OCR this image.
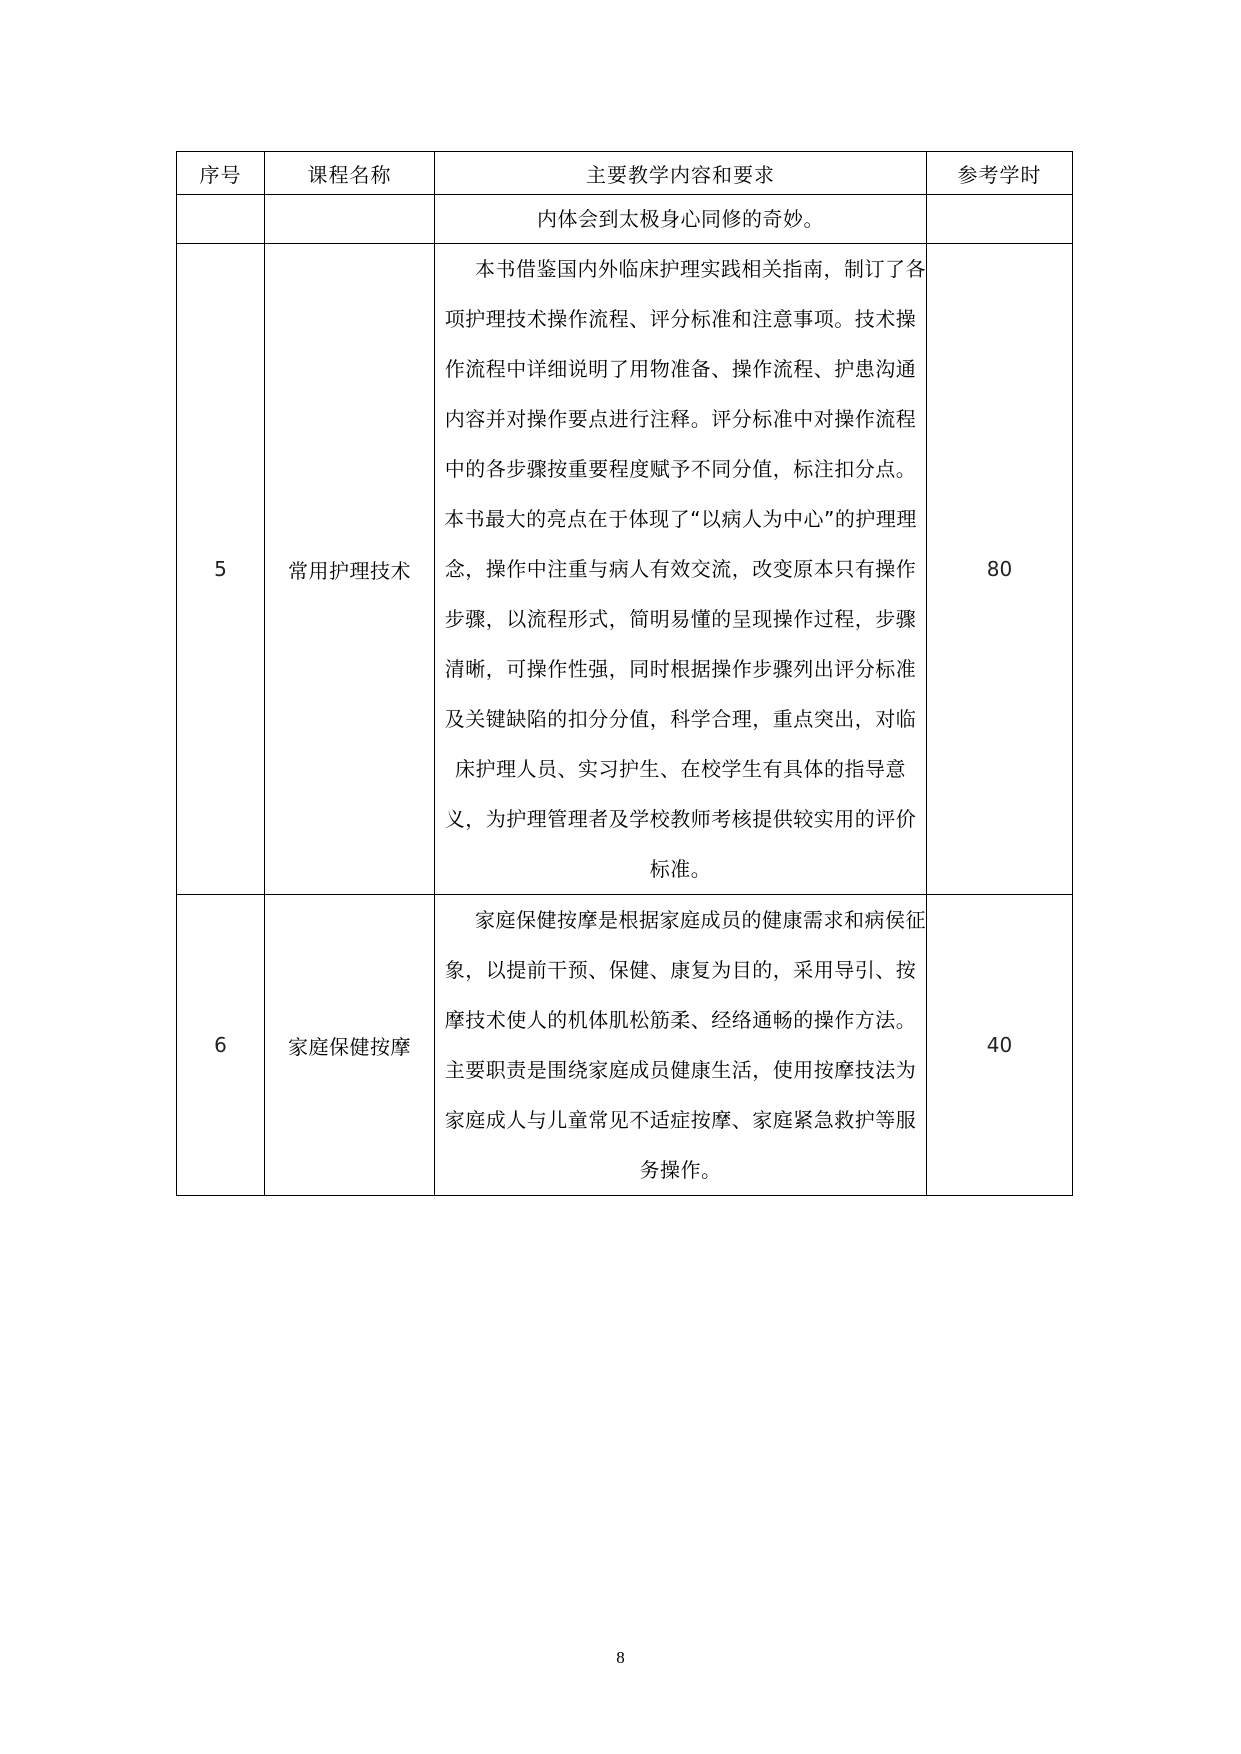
序号	课程名称	主要教学内容和要求	参考学时
		内体会到太极身心同修的奇妙。	
5	常用护理技术	本书借鉴国内外临床护理实践相关指南，制订了各项护理技术操作流程、评分标准和注意事项。技术操作流程中详细说明了用物准备、操作流程、护患沟通内容并对操作要点进行注释。评分标准中对操作流程中的各步骤按重要程度赋予不同分值，标注扣分点。本书最大的亮点在于体现了“以病人为中心”的护理理念，操作中注重与病人有效交流，改变原本只有操作步骤，以流程形式，简明易懂的呈现操作过程，步骤清晰，可操作性强，同时根据操作步骤列出评分标准及关键缺陷的扣分分值，科学合理，重点突出，对临床护理人员、实习护生、在校学生有具体的指导意义，为护理管理者及学校教师考核提供较实用的评价标准。	80
6	家庭保健按摩	家庭保健按摩是根据家庭成员的健康需求和病侯征象，以提前干预、保健、康复为目的，采用导引、按摩技术使人的机体肌松筋柔、经络通畅的操作方法。主要职责是围绕家庭成员健康生活，使用按摩技法为家庭成人与儿童常见不适症按摩、家庭紧急救护等服务操作。	40
8
